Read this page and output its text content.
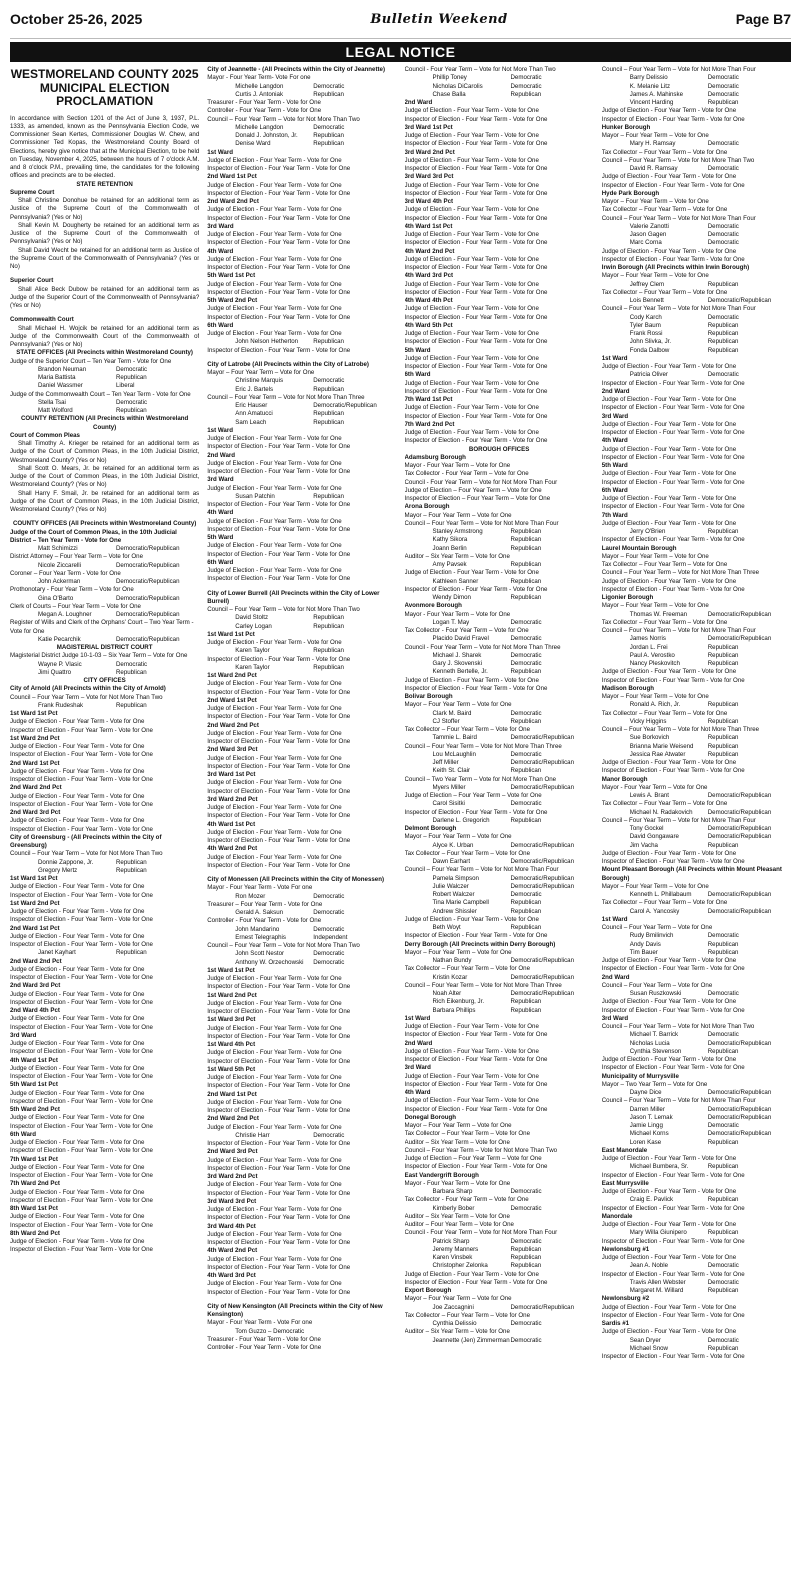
October 25-26, 2025	Bulletin Weekend	Page B7
LEGAL NOTICE
WESTMORELAND COUNTY 2025 MUNICIPAL ELECTION PROCLAMATION

In accordance with Section 1201 of the Act of June 3, 1937, P.L. 1333, as amended, known as the Pennsylvania Election Code, we Commissioner Sean Kertes, Commissioner Douglas W. Chew, and Commissioner Ted Kopas, the Westmoreland County Board of Elections, hereby give notice that at the Municipal Election, to be held on Tuesday, November 4, 2025, between the hours of 7 o'clock A.M. and 8 o'clock P.M., prevailing time, the candidates for the following offices and precincts are to be elected.

STATE RETENTION

Supreme Court

Shall Christine Donohue be retained for an additional term as Justice of the Supreme Court of the Commonwealth of Pennsylvania? (Yes or No)

Shall Kevin M. Dougherty be retained for an additional term as Justice of the Supreme Court of the Commonwealth of Pennsylvania? (Yes or No)

Shall David Wecht be retained for an additional term as Justice of the Supreme Court of the Commonwealth of Pennsylvania? (Yes or No)

Superior Court

Shall Alice Beck Dubow be retained for an additional term as Judge of the Superior Court of the Commonwealth of Pennsylvania? (Yes or No)

Commonwealth Court

Shall Michael H. Wojcik be retained for an additional term as Judge of the Commonwealth Court of the Commonwealth of Pennsylvania? (Yes or No)

STATE OFFICES (All Precincts within Westmoreland County)

Judge of the Superior Court – Ten Year Term - Vote for One

Brandon Neuman	Democratic
Maria Battista	Republican
Daniel Wassmer	Liberal

Judge of the Commonwealth Court – Ten Year Term - Vote for One

Stella Tsai	Democratic
Matt Wolford	Republican

COUNTY RETENTION (All Precincts within Westmoreland County)

Court of Common Pleas

Shall Timothy A. Krieger be retained for an additional term as Judge of the Court of Common Pleas, in the 10th Judicial District, Westmoreland County? (Yes or No)

Shall Scott O. Mears, Jr. be retained for an additional term as Judge of the Court of Common Pleas, in the 10th Judicial District, Westmoreland County? (Yes or No)

Shall Harry F. Smail, Jr. be retained for an additional term as Judge of the Court of Common Pleas, in the 10th Judicial District, Westmoreland County? (Yes or No)

COUNTY OFFICES (All Precincts within Westmoreland County)

Judge of the Court of Common Pleas, in the 10th Judicial District – Ten Year Term - Vote for One

Matt Schimizzi	Democratic/Republican

District Attorney – Four Year Term – Vote for One

Nicole Ziccarelli	Democratic/Republican

Coroner – Four Year Term - Vote for One

John Ackerman	Democratic/Republican

Prothonotary - Four Year Term – Vote for One

Gina O'Barto	Democratic/Republican

Clerk of Courts – Four Year Term – Vote for One

Megan A. Loughner	Democratic/Republican

Register of Wills and Clerk of the Orphans' Court – Two Year Term - Vote for One

Katie Pecarchik	Democratic/Republican

MAGISTERIAL DISTRICT COURT

Magisterial District Judge 10-1-03 – Six Year Term – Vote for One

Wayne P. Vlasic	Democratic
Jimi Quattro	Republican

CITY OFFICES

City of Arnold (All Precincts within the City of Arnold)

Council – Four Year Term – Vote for Not More Than Two

Frank Rudeshak	Republican

1st Ward 1st Pct

Judge of Election - Four Year Term - Vote for One

Inspector of Election - Four Year Term - Vote for One

1st Ward 2nd Pct

Judge of Election - Four Year Term - Vote for One

Inspector of Election - Four Year Term - Vote for One

2nd Ward 1st Pct

Judge of Election - Four Year Term - Vote for One

Inspector of Election - Four Year Term - Vote for One

2nd Ward 2nd Pct

Judge of Election - Four Year Term - Vote for One

Inspector of Election - Four Year Term - Vote for One

2nd Ward 3rd Pct

Judge of Election - Four Year Term - Vote for One

Inspector of Election - Four Year Term - Vote for One

City of Greensburg - (All Precincts within the City of Greensburg)

Council – Four Year Term – Vote for Not More Than Two

Donnie Zappone, Jr.	Republican
Gregory Mertz	Republican

1st Ward 1st Pct

Judge of Election - Four Year Term - Vote for One

Inspector of Election - Four Year Term - Vote for One

1st Ward 2nd Pct

Judge of Election - Four Year Term - Vote for One

Inspector of Election - Four Year Term - Vote for One

2nd Ward 1st Pct

Judge of Election - Four Year Term - Vote for One

Inspector of Election - Four Year Term - Vote for One

Janet Kayhart	Republican

2nd Ward 2nd Pct

Judge of Election - Four Year Term - Vote for One

Inspector of Election - Four Year Term - Vote for One

2nd Ward 3rd Pct

Judge of Election - Four Year Term - Vote for One

Inspector of Election - Four Year Term - Vote for One

2nd Ward 4th Pct

Judge of Election - Four Year Term - Vote for One

Inspector of Election - Four Year Term - Vote for One

3rd Ward

Judge of Election - Four Year Term - Vote for One

Inspector of Election - Four Year Term - Vote for One

4th Ward 1st Pct

Judge of Election - Four Year Term - Vote for One

Inspector of Election - Four Year Term - Vote for One

5th Ward 1st Pct

Judge of Election - Four Year Term - Vote for One

Inspector of Election - Four Year Term - Vote for One

5th Ward 2nd Pct

Judge of Election - Four Year Term - Vote for One

Inspector of Election - Four Year Term - Vote for One

6th Ward

Judge of Election - Four Year Term - Vote for One

Inspector of Election - Four Year Term - Vote for One

7th Ward 1st Pct

Judge of Election - Four Year Term - Vote for One

Inspector of Election - Four Year Term - Vote for One

7th Ward 2nd Pct

Judge of Election - Four Year Term - Vote for One

Inspector of Election - Four Year Term - Vote for One

8th Ward 1st Pct

Judge of Election - Four Year Term - Vote for One

Inspector of Election - Four Year Term - Vote for One

8th Ward 2nd Pct

Judge of Election - Four Year Term - Vote for One

Inspector of Election - Four Year Term - Vote for One

City of Jeannette - (All Precincts within the City of Jeannette)

Mayor - Four Year Term- Vote For one

Michelle Langdon	Democratic
Curtis J. Antoniak	Republican

Treasurer - Four Year Term - Vote for One

Controller - Four Year Term - Vote for One

Council – Four Year Term – Vote for Not More Than Two

Michelle Langdon	Democratic
Donald J. Johnston, Jr.	Republican
Denise Ward	Republican

1st Ward

Judge of Election - Four Year Term - Vote for One

Inspector of Election - Four Year Term - Vote for One

2nd Ward 1st Pct

Judge of Election - Four Year Term - Vote for One

Inspector of Election - Four Year Term - Vote for One

2nd Ward 2nd Pct

Judge of Election - Four Year Term - Vote for One

Inspector of Election - Four Year Term - Vote for One

3rd Ward

Judge of Election - Four Year Term - Vote for One

Inspector of Election - Four Year Term - Vote for One

4th Ward

Judge of Election - Four Year Term - Vote for One

Inspector of Election - Four Year Term - Vote for One

5th Ward 1st Pct

Judge of Election - Four Year Term - Vote for One

Inspector of Election - Four Year Term - Vote for One

5th Ward 2nd Pct

Judge of Election - Four Year Term - Vote for One

Inspector of Election - Four Year Term - Vote for One

6th Ward

Judge of Election - Four Year Term - Vote for One

John Nelson Hetherton	Republican

Inspector of Election - Four Year Term - Vote for One

City of Latrobe (All Precincts within the City of Latrobe)

Mayor – Four Year Term – Vote for One

Christine Marquis	Democratic
Eric J. Bartels	Republican

Council – Four Year Term – Vote for Not More Than Three

Eric Hauser	Democratic/Republican
Ann Amatucci	Republican
Sam Leach	Republican

1st Ward

Judge of Election - Four Year Term - Vote for One

Inspector of Election - Four Year Term - Vote for One

2nd Ward

Judge of Election - Four Year Term - Vote for One

Inspector of Election - Four Year Term - Vote for One

3rd Ward

Judge of Election - Four Year Term - Vote for One

Susan Patchin	Republican

Inspector of Election - Four Year Term - Vote for One

4th Ward

Judge of Election - Four Year Term - Vote for One

Inspector of Election - Four Year Term - Vote for One

5th Ward

Judge of Election - Four Year Term - Vote for One

Inspector of Election - Four Year Term - Vote for One

6th Ward

Judge of Election - Four Year Term - Vote for One

Inspector of Election - Four Year Term - Vote for One

City of Lower Burrell (All Precincts within the City of Lower Burrell)

Council – Four Year Term – Vote for Not More Than Two

David Stoltz	Republican
Carley Logan	Republican

1st Ward 1st Pct

Judge of Election - Four Year Term - Vote for One

Karen Taylor	Republican

Inspector of Election - Four Year Term - Vote for One

Karen Taylor	Republican

1st Ward 2nd Pct

Judge of Election - Four Year Term - Vote for One

Inspector of Election - Four Year Term - Vote for One

2nd Ward 1st Pct

Judge of Election - Four Year Term - Vote for One

Inspector of Election - Four Year Term - Vote for One

2nd Ward 2nd Pct

Judge of Election - Four Year Term - Vote for One

Inspector of Election - Four Year Term - Vote for One

2nd Ward 3rd Pct

Judge of Election - Four Year Term - Vote for One

Inspector of Election - Four Year Term - Vote for One

3rd Ward 1st Pct

Judge of Election - Four Year Term - Vote for One

Inspector of Election - Four Year Term - Vote for One

3rd Ward 2nd Pct

Judge of Election - Four Year Term - Vote for One

Inspector of Election - Four Year Term - Vote for One

4th Ward 1st Pct

Judge of Election - Four Year Term - Vote for One

Inspector of Election - Four Year Term - Vote for One

4th Ward 2nd Pct

Judge of Election - Four Year Term - Vote for One

Inspector of Election - Four Year Term - Vote for One

City of Monessen (All Precincts within the City of Monessen)

Mayor - Four Year Term - Vote For one

Ron Mozer	Democratic

Treasurer – Four Year Term - Vote for One

Gerald A. Saksun	Democratic

Controller - Four Year Term - Vote for One

John Mandarino	Democratic
Ernest Telegraphis	Independent

Council – Four Year Term – Vote for Not More Than Two

John Scott Nestor	Democratic
Anthony W. Orzechowski	Democratic

1st Ward 1st Pct

Judge of Election - Four Year Term - Vote for One

Inspector of Election - Four Year Term - Vote for One

1st Ward 2nd Pct

Judge of Election - Four Year Term - Vote for One

Inspector of Election - Four Year Term - Vote for One

1st Ward 3rd Pct

Judge of Election - Four Year Term - Vote for One

Inspector of Election - Four Year Term - Vote for One

1st Ward 4th Pct

Judge of Election - Four Year Term - Vote for One

Inspector of Election - Four Year Term - Vote for One

1st Ward 5th Pct

Judge of Election - Four Year Term - Vote for One

Inspector of Election - Four Year Term - Vote for One

2nd Ward 1st Pct

Judge of Election - Four Year Term - Vote for One

Inspector of Election - Four Year Term - Vote for One

2nd Ward 2nd Pct

Judge of Election - Four Year Term - Vote for One

Christie Harr	Democratic

Inspector of Election - Four Year Term - Vote for One

2nd Ward 3rd Pct

Judge of Election - Four Year Term - Vote for One

Inspector of Election - Four Year Term - Vote for One

3rd Ward 2nd Pct

Judge of Election - Four Year Term - Vote for One

Inspector of Election - Four Year Term - Vote for One

3rd Ward 3rd Pct

Judge of Election - Four Year Term - Vote for One

Inspector of Election - Four Year Term - Vote for One

3rd Ward 4th Pct

Judge of Election - Four Year Term - Vote for One

Inspector of Election - Four Year Term - Vote for One

4th Ward 2nd Pct

Judge of Election - Four Year Term - Vote for One

Inspector of Election - Four Year Term - Vote for One

4th Ward 3rd Pct

Judge of Election - Four Year Term - Vote for One

Inspector of Election - Four Year Term - Vote for One

City of New Kensington (All Precincts within the City of New Kensington)

Mayor - Four Year Term - Vote For one

Tom Guzzo – Democratic

Treasurer - Four Year Term - Vote for One

Controller - Four Year Term - Vote for One

Council - Four Year Term – Vote for Not More Than Two

Phillip Toney	Democratic
Nicholas DiCarolis	Democratic
Chase Balla	Republican

2nd Ward

Judge of Election - Four Year Term - Vote for One

Inspector of Election - Four Year Term - Vote for One

3rd Ward 1st Pct

Judge of Election - Four Year Term - Vote for One

Inspector of Election - Four Year Term - Vote for One

3rd Ward 2nd Pct

Judge of Election - Four Year Term - Vote for One

Inspector of Election - Four Year Term - Vote for One

3rd Ward 3rd Pct

Judge of Election - Four Year Term - Vote for One

Inspector of Election - Four Year Term - Vote for One

3rd Ward 4th Pct

Judge of Election - Four Year Term - Vote for One

Inspector of Election - Four Year Term - Vote for One

4th Ward 1st Pct

Judge of Election - Four Year Term - Vote for One

Inspector of Election - Four Year Term - Vote for One

4th Ward 2nd Pct

Judge of Election - Four Year Term - Vote for One

Inspector of Election - Four Year Term - Vote for One

4th Ward 3rd Pct

Judge of Election - Four Year Term - Vote for One

Inspector of Election - Four Year Term - Vote for One

4th Ward 4th Pct

Judge of Election - Four Year Term - Vote for One

Inspector of Election - Four Year Term - Vote for One

4th Ward 5th Pct

Judge of Election - Four Year Term - Vote for One

Inspector of Election - Four Year Term - Vote for One

5th Ward

Judge of Election - Four Year Term - Vote for One

Inspector of Election - Four Year Term - Vote for One

6th Ward

Judge of Election - Four Year Term - Vote for One

Inspector of Election - Four Year Term - Vote for One

7th Ward 1st Pct

Judge of Election - Four Year Term - Vote for One

Inspector of Election - Four Year Term - Vote for One

7th Ward 2nd Pct

Judge of Election - Four Year Term - Vote for One

Inspector of Election - Four Year Term - Vote for One

BOROUGH OFFICES

Adamsburg Borough

Mayor - Four Year Term – Vote for One

Tax Collector - Four Year Term – Vote for One

Council - Four Year Term – Vote for Not More Than Four

Judge of Election – Four Year Term – Vote for One

Inspector of Election – Four Year Term – Vote for One

Arona Borough

Mayor – Four Year Term – Vote for One

Council – Four Year Term – Vote for Not More Than Four

Stanley Armstrong	Republican
Kathy Sikora	Republican
Joann Berlin	Republican

Auditor – Six Year Term – Vote for One

Amy Pavsek	Republican

Judge of Election - Four Year Term - Vote for One

Kathleen Sanner	Republican

Inspector of Election - Four Year Term - Vote for One

Wendy Dimon	Republican

Avonmore Borough

Mayor - Four Year Term – Vote for One

Logan T. May	Democratic

Tax Collector - Four Year Term – Vote for One

Placido David Fravel	Democratic

Council - Four Year Term – Vote for Not More Than Three

Michael J. Sharek	Democratic
Gary J. Skovenski	Democratic
Kenneth Bertelle, Jr.	Republican

Judge of Election - Four Year Term - Vote for One

Inspector of Election - Four Year Term - Vote for One

Bolivar Borough

Mayor – Four Year Term – Vote for One

Clark M. Baird	Democratic
CJ Stoffer	Republican

Tax Collector – Four Year Term – Vote for One

Tammie L. Baird	Democratic/Republican

Council – Four Year Term – Vote for Not More Than Three

Lou McLaughlin	Democratic
Jeff Miller	Democratic/Republican
Keith St. Clair	Republican

Council – Two Year Term – Vote for Not More Than One

Myers Miller	Democratic/Republican

Judge of Election – Four Year Term – Vote for One

Carol Sisitki	Democratic

Inspector of Election - Four Year Term - Vote for One

Darlene L. Gregorich	Republican

Delmont Borough

Mayor – Four Year Term – Vote for One

Alyce K. Urban	Democratic/Republican

Tax Collector – Four Year Term – Vote for One

Dawn Earhart	Democratic/Republican

Council – Four Year Term – Vote for Not More Than Four

Pamela Simpson	Democratic/Republican
Julie Walczer	Democratic/Republican
Robert Walczer	Democratic
Tina Marie Campbell	Republican
Andrew Shissler	Republican

Judge of Election - Four Year Term - Vote for One

Beth Woyt	Republican

Inspector of Election - Four Year Term - Vote for One

Derry Borough (All Precincts within Derry Borough)

Mayor – Four Year Term – Vote for One

Nathan Bundy	Democratic/Republican

Tax Collector – Four Year Term – Vote for One

Kristin Kozar	Democratic/Republican

Council – Four Year Term – Vote for Not More Than Three

Noah Alter	Democratic/Republican
Rich Eikenburg, Jr.	Republican
Barbara Phillips	Republican

1st Ward

Judge of Election - Four Year Term - Vote for One

Inspector of Election - Four Year Term - Vote for One

2nd Ward

Judge of Election - Four Year Term - Vote for One

Inspector of Election - Four Year Term - Vote for One

3rd Ward

Judge of Election - Four Year Term - Vote for One

Inspector of Election - Four Year Term - Vote for One

4th Ward

Judge of Election - Four Year Term - Vote for One

Inspector of Election - Four Year Term - Vote for One

Donegal Borough

Mayor – Four Year Term – Vote for One

Tax Collector – Four Year Term – Vote for One

Auditor – Six Year Term – Vote for One

Council – Four Year Term – Vote for Not More Than Two

Judge of Election – Four Year Term – Vote for One

Inspector of Election - Four Year Term - Vote for One

East Vandergrift Borough

Mayor - Four Year Term – Vote for One

Barbara Sharp	Democratic

Tax Collector - Four Year Term – Vote for One

Kimberly Bober	Democratic

Auditor – Six Year Term – Vote for One

Auditor – Four Year Term – Vote for One

Council - Four Year Term – Vote for Not More Than Four

Patrick Sharp	Democratic
Jeremy Manners	Republican
Karen Vinsbek	Republican
Christopher Zelonka	Republican

Judge of Election - Four Year Term - Vote for One

Inspector of Election - Four Year Term - Vote for One

Export Borough

Mayor – Four Year Term – Vote for One

Joe Zaccagnini	Democratic/Republican

Tax Collector – Four Year Term – Vote for One

Cynthia Delissio	Democratic

Auditor – Six Year Term – Vote for One

Jeannette (Jen) Zimmerman Democratic

Council – Four Year Term – Vote for Not More Than Four

Barry Delissio	Democratic
K. Melanie Litz	Democratic
James A. Mahinske	Democratic
Vincent Harding	Republican

Judge of Election - Four Year Term - Vote for One

Inspector of Election - Four Year Term - Vote for One

Hunker Borough

Mayor – Four Year Term – Vote for One

Mary H. Ramsay	Democratic

Tax Collector – Four Year Term – Vote for One

Council – Four Year Term – Vote for Not More Than Two

David R. Ramsay	Democratic

Judge of Election - Four Year Term - Vote for One

Inspector of Election - Four Year Term - Vote for One

Hyde Park Borough

Mayor – Four Year Term – Vote for One

Tax Collector – Four Year Term – Vote for One

Council – Four Year Term – Vote for Not More Than Four

Valerie Zanotti	Democratic
Jason Gagen	Democratic
Marc Corna	Democratic

Judge of Election - Four Year Term - Vote for One

Inspector of Election - Four Year Term - Vote for One

Irwin Borough (All Precincts within Irwin Borough)

Mayor – Four Year Term – Vote for One

Jeffrey Clem	Republican

Tax Collector – Four Year Term – Vote for One

Lois Bennett	Democratic/Republican

Council – Four Year Term – Vote for Not More Than Four

Cody Karch	Democratic
Tyler Baum	Republican
Frank Rossi	Republican
John Slivka, Jr.	Republican
Fonda Dalbow	Republican

1st Ward

Judge of Election - Four Year Term - Vote for One

Patricia Oliver	Democratic

Inspector of Election - Four Year Term - Vote for One

2nd Ward

Judge of Election - Four Year Term - Vote for One

Inspector of Election - Four Year Term - Vote for One

3rd Ward

Judge of Election - Four Year Term - Vote for One

Inspector of Election - Four Year Term - Vote for One

4th Ward

Judge of Election - Four Year Term - Vote for One

Inspector of Election - Four Year Term - Vote for One

5th Ward

Judge of Election - Four Year Term - Vote for One

Inspector of Election - Four Year Term - Vote for One

6th Ward

Judge of Election - Four Year Term - Vote for One

Inspector of Election - Four Year Term - Vote for One

7th Ward

Judge of Election - Four Year Term - Vote for One

Jerry O'Brien	Republican

Inspector of Election - Four Year Term - Vote for One

Laurel Mountain Borough

Mayor – Four Year Term – Vote for One

Tax Collector – Four Year Term – Vote for One

Council – Four Year Term – Vote for Not More Than Three

Judge of Election - Four Year Term - Vote for One

Inspector of Election - Four Year Term - Vote for One

Ligonier Borough

Mayor – Four Year Term – Vote for One

Thomas W. Freeman	Democratic/Republican

Tax Collector – Four Year Term – Vote for One

Council – Four Year Term – Vote for Not More Than Four

James Norris	Democratic/Republican
Jordan L. Frei	Republican
Paul A. Verostko	Republican
Nancy Pleskovitch	Republican

Judge of Election - Four Year Term - Vote for One

Inspector of Election - Four Year Term - Vote for One

Madison Borough

Mayor – Four Year Term – Vote for One

Ronald A. Rich, Jr.	Republican

Tax Collector – Four Year Term – Vote for One

Vicky Higgins	Republican

Council – Four Year Term – Vote for Not More Than Three

Sue Borkovich	Republican
Brianna Marie Weisend	Republican
Jessica Rae Atwater	Republican

Judge of Election - Four Year Term - Vote for One

Inspector of Election - Four Year Term - Vote for One

Manor Borough

Mayor - Four Year Term – Vote for One

Lewis A. Brant	Democratic/Republican

Tax Collector – Four Year Term – Vote for One

Michael N. Radakovich	Democratic/Republican

Council – Four Year Term – Vote for Not More Than Four

Tony Gockel	Democratic/Republican
David Gongaware	Democratic/Republican
Jim Vacha	Republican

Judge of Election - Four Year Term - Vote for One

Inspector of Election - Four Year Term - Vote for One

Mount Pleasant Borough (All Precincts within Mount Pleasant Borough)

Mayor – Four Year Term – Vote for One

Kenneth L. Phillabaum	Democratic/Republican

Tax Collector – Four Year Term – Vote for One

Carol A. Yancosky	Democratic/Republican

1st Ward

Council – Four Year Term – Vote for One

Rudy Bmilinvich	Democratic
Andy Davis	Republican
Tim Bauer	Republican

Judge of Election - Four Year Term - Vote for One

Inspector of Election - Four Year Term - Vote for One

2nd Ward

Council – Four Year Term – Vote for One

Susan Ruszkowski	Democratic

Judge of Election - Four Year Term - Vote for One

Inspector of Election - Four Year Term - Vote for One

3rd Ward

Council – Four Year Term – Vote for Not More Than Two

Michael T. Barrick	Democratic
Nicholas Lucia	Democratic/Republican
Cynthia Stevenson	Republican

Judge of Election - Four Year Term - Vote for One

Inspector of Election - Four Year Term - Vote for One

Municipality of Murrysville

Mayor – Two Year Term – Vote for One

Dayne Dice	Democratic/Republican

Council – Four Year Term – Vote for Not More Than Four

Darren Miller	Democratic/Republican
Jason T. Lemak	Democratic/Republican
Jamie Lingg	Democratic
Michael Korns	Democratic/Republican
Loren Kase	Republican

East Manordale

Judge of Election - Four Year Term - Vote for One

Michael Bumbera, Sr.	Republican

Inspector of Election - Four Year Term - Vote for One

East Murrysville

Judge of Election - Four Year Term - Vote for One

Craig E. Pavlick	Republican

Inspector of Election - Four Year Term - Vote for One

Manordale

Judge of Election - Four Year Term - Vote for One

Mary Willa Giunipero	Republican

Inspector of Election - Four Year Term - Vote for One

Newlonsburg #1

Judge of Election - Four Year Term - Vote for One

Jean A. Noble	Democratic

Inspector of Election - Four Year Term - Vote for One

Travis Allen Webster	Democratic
Margaret M. Willard	Republican

Newlonsburg #2

Judge of Election - Four Year Term - Vote for One

Inspector of Election - Four Year Term - Vote for One

Sardis #1

Judge of Election - Four Year Term - Vote for One

Sean Dryer	Democratic
Michael Snow	Republican

Inspector of Election - Four Year Term - Vote for One
